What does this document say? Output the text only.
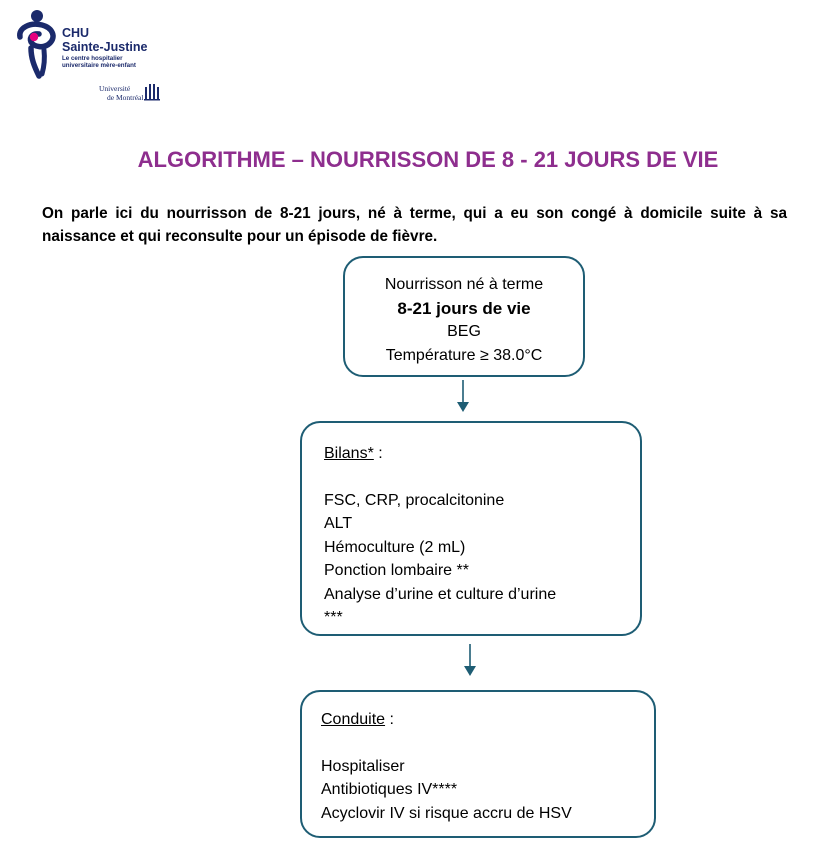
CHU
Sainte-Justine
Le centre hospitalier
universitaire mère-enfant
Université
de Montréal
ALGORITHME – NOURRISSON DE 8 - 21 JOURS DE VIE
On parle ici du nourrisson de 8-21 jours, né à terme, qui a eu son congé à domicile suite à sa naissance et qui reconsulte pour un épisode de fièvre.
Nourrisson né à terme
8-21 jours de vie
BEG
Température ≥ 38.0°C
Bilans* :
FSC, CRP, procalcitonine
ALT
Hémoculture (2 mL)
Ponction lombaire **
Analyse d’urine et culture d’urine
***
Conduite :
Hospitaliser
Antibiotiques IV****
Acyclovir IV si risque accru de HSV
